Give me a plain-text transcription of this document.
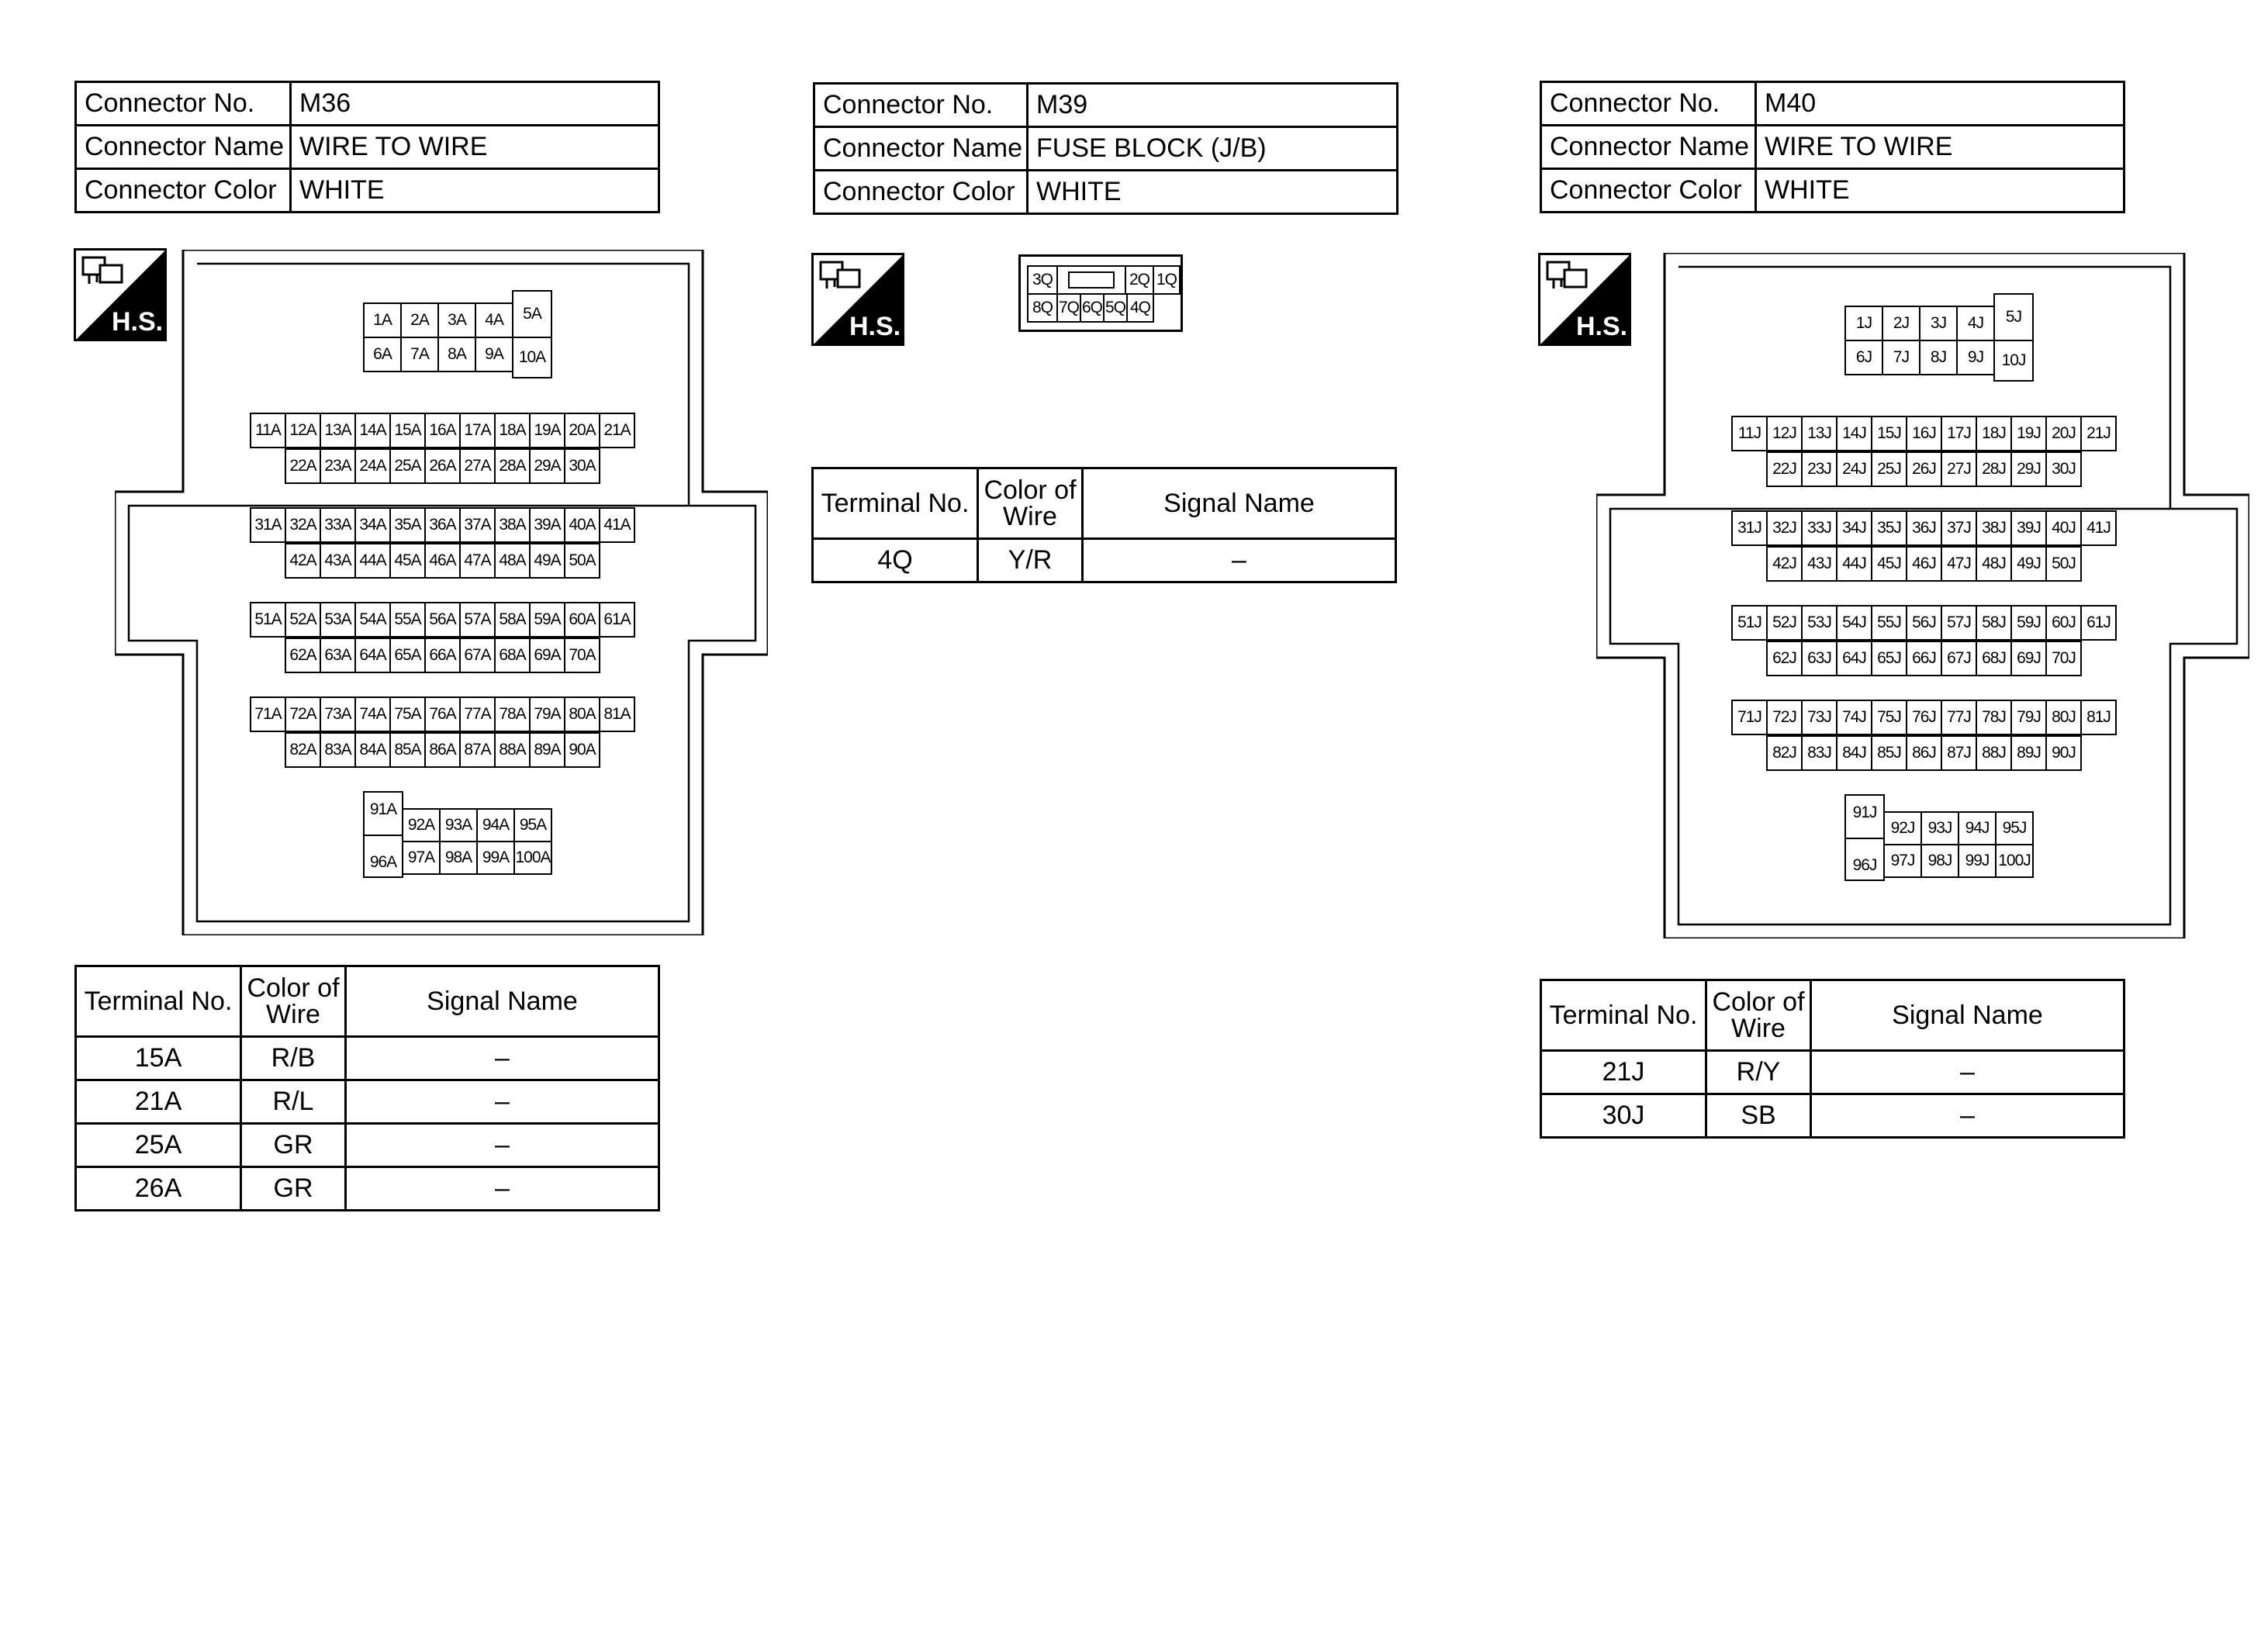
Connector No.	M36
Connector Name	WIRE TO WIRE
Connector Color	WHITE
H.S.	1A	2A	3A	4A	5A
6A	7A	8A	9A 10A
11A 12A 13A 14A 15A 16A 17A 18A 19A 20A 21A
22A 23A 24A 25A 26A 27A 28A 29A 30A
31A 32A 33A 34A 35A 36A 37A 38A 39A 40A 41A
42A 43A 44A 45A 46A 47A 48A 49A 50A
51A 52A 53A 54A 55A 56A 57A 58A 59A 60A 61A
62A 63A 64A 65A 66A 67A 68A 69A 70A
71A 72A 73A 74A 75A 76A 77A 78A 79A 80A 81A
82A 83A 84A 85A 86A 87A 88A 89A 90A
91A
96A
92A 93A 94A 95A
97A 98A 99A 100A
Terminal No.	Color of Wire	Signal Name
15A	R/B	–
21A	R/L	–
25A	GR	–
26A	GR	–
Connector No.	M39
Connector Name	FUSE BLOCK (J/B)
Connector Color	WHITE
H.S.
3Q	2Q 1Q
8Q 7Q 6Q 5Q 4Q
Terminal No.	Color of Wire	Signal Name
4Q	Y/R	–
Connector No.	M40
Connector Name	WIRE TO WIRE
Connector Color	WHITE
H.S.	1J	2J	3J	4J	5J
6J	7J	8J	9J	10J
11J 12J 13J 14J 15J 16J 17J 18J 19J 20J 21J
22J 23J 24J 25J 26J 27J 28J 29J 30J
31J 32J 33J 34J 35J 36J 37J 38J 39J 40J 41J
42J 43J 44J 45J 46J 47J 48J 49J 50J
51J 52J 53J 54J 55J 56J 57J 58J 59J 60J 61J
62J 63J 64J 65J 66J 67J 68J 69J 70J
71J 72J 73J 74J 75J 76J 77J 78J 79J 80J 81J
82J 83J 84J 85J 86J 87J 88J 89J 90J
91J
96J
92J 93J 94J 95J
97J 98J 99J 100J
Terminal No.	Color of Wire	Signal Name
21J	R/Y	–
30J	SB	–
